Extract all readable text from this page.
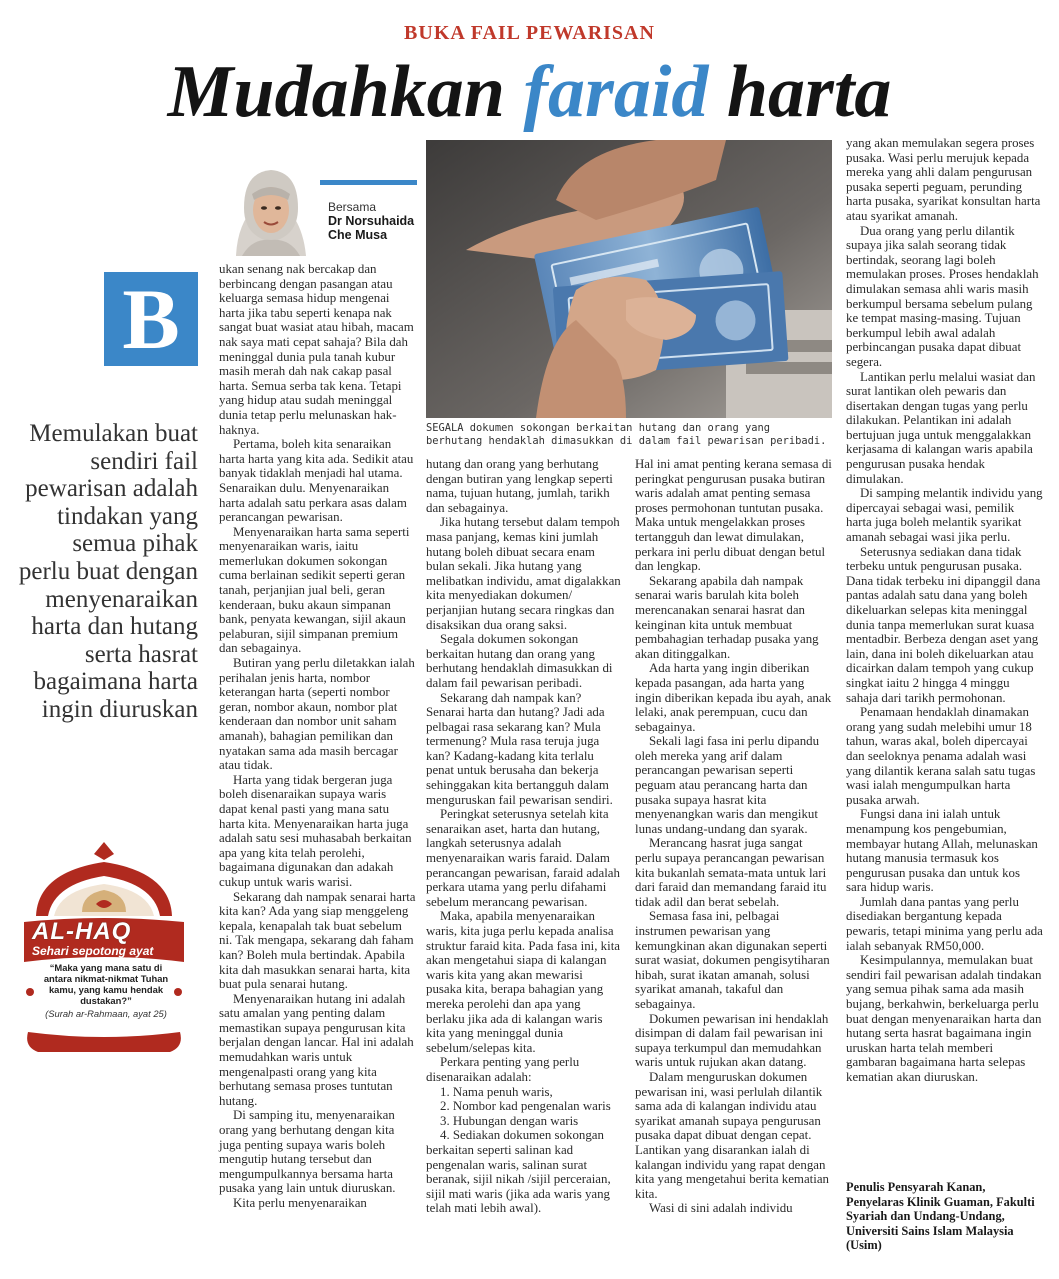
BUKA FAIL PEWARISAN
Mudahkan faraid harta
Bersama
Dr Norsuhaida
Che Musa
B
Memulakan buat sendiri fail pewarisan adalah tindakan yang semua pihak perlu buat dengan menyenaraikan harta dan hutang serta hasrat bagaimana harta ingin diuruskan
SEGALA dokumen sokongan berkaitan hutang dan orang yang berhutang hendaklah dimasukkan di dalam fail pewarisan peribadi.

ukan senang nak bercakap dan berbincang dengan pasangan atau keluarga semasa hidup mengenai harta jika tabu seperti kenapa nak sangat buat wasiat atau hibah, macam nak saya mati cepat sahaja? Bila dah meninggal dunia pula tanah kubur masih merah dah nak cakap pasal harta. Semua serba tak kena. Tetapi yang hidup atau sudah meninggal dunia tetap perlu melunaskan hak-haknya.

Pertama, boleh kita senaraikan harta harta yang kita ada. Sedikit atau banyak tidaklah menjadi hal utama. Senaraikan dulu. Menyenaraikan harta adalah satu perkara asas dalam perancangan pewarisan.

Menyenaraikan harta sama seperti menyenaraikan waris, iaitu memerlukan dokumen sokongan cuma berlainan sedikit seperti geran tanah, perjanjian jual beli, geran kenderaan, buku akaun simpanan bank, penyata kewangan, sijil akaun pelaburan, sijil simpanan premium dan sebagainya.

Butiran yang perlu diletakkan ialah perihalan jenis harta, nombor keterangan harta (seperti nombor geran, nombor akaun, nombor plat kenderaan dan nombor unit saham amanah), bahagian pemilikan dan nyatakan sama ada masih bercagar atau tidak.

Harta yang tidak bergeran juga boleh disenaraikan supaya waris dapat kenal pasti yang mana satu harta kita. Menyenaraikan harta juga adalah satu sesi muhasabah berkaitan apa yang kita telah perolehi, bagaimana digunakan dan adakah cukup untuk waris warisi.

Sekarang dah nampak senarai harta kita kan? Ada yang siap menggeleng kepala, kenapalah tak buat sebelum ni. Tak mengapa, sekarang dah faham kan? Boleh mula bertindak. Apabila kita dah masukkan senarai harta, kita buat pula senarai hutang.

Menyenaraikan hutang ini adalah satu amalan yang penting dalam memastikan supaya pengurusan kita berjalan dengan lancar. Hal ini adalah memudahkan waris untuk mengenalpasti orang yang kita berhutang semasa proses tuntutan hutang.

Di samping itu, menyenaraikan orang yang berhutang dengan kita juga penting supaya waris boleh mengutip hutang tersebut dan mengumpulkannya bersama harta pusaka yang lain untuk diuruskan.

Kita perlu menyenaraikan

hutang dan orang yang berhutang dengan butiran yang lengkap seperti nama, tujuan hutang, jumlah, tarikh dan sebagainya.

Jika hutang tersebut dalam tempoh masa panjang, kemas kini jumlah hutang boleh dibuat secara enam bulan sekali. Jika hutang yang melibatkan individu, amat digalakkan kita menyediakan dokumen/ perjanjian hutang secara ringkas dan disaksikan dua orang saksi.

Segala dokumen sokongan berkaitan hutang dan orang yang berhutang hendaklah dimasukkan di dalam fail pewarisan peribadi.

Sekarang dah nampak kan? Senarai harta dan hutang? Jadi ada pelbagai rasa sekarang kan? Mula termenung? Mula rasa teruja juga kan? Kadang-kadang kita terlalu penat untuk berusaha dan bekerja sehinggakan kita bertangguh dalam menguruskan fail pewarisan sendiri.

Peringkat seterusnya setelah kita senaraikan aset, harta dan hutang, langkah seterusnya adalah menyenaraikan waris faraid. Dalam perancangan pewarisan, faraid adalah perkara utama yang perlu difahami sebelum merancang pewarisan.

Maka, apabila menyenaraikan waris, kita juga perlu kepada analisa struktur faraid kita. Pada fasa ini, kita akan mengetahui siapa di kalangan waris kita yang akan mewarisi pusaka kita, berapa bahagian yang mereka perolehi dan apa yang berlaku jika ada di kalangan waris kita yang meninggal dunia sebelum/selepas kita.

Perkara penting yang perlu disenaraikan adalah:

1. Nama penuh waris,
2. Nombor kad pengenalan waris
3. Hubungan dengan waris
4. Sediakan dokumen sokongan berkaitan seperti salinan kad pengenalan waris, salinan surat beranak, sijil nikah /sijil perceraian, sijil mati waris (jika ada waris yang telah mati lebih awal).

Hal ini amat penting kerana semasa di peringkat pengurusan pusaka butiran waris adalah amat penting semasa proses permohonan tuntutan pusaka. Maka untuk mengelakkan proses tertangguh dan lewat dimulakan, perkara ini perlu dibuat dengan betul dan lengkap.

Sekarang apabila dah nampak senarai waris barulah kita boleh merencanakan senarai hasrat dan keinginan kita untuk membuat pembahagian terhadap pusaka yang akan ditinggalkan.

Ada harta yang ingin diberikan kepada pasangan, ada harta yang ingin diberikan kepada ibu ayah, anak lelaki, anak perempuan, cucu dan sebagainya.

Sekali lagi fasa ini perlu dipandu oleh mereka yang arif dalam perancangan pewarisan seperti peguam atau perancang harta dan pusaka supaya hasrat kita menyenangkan waris dan mengikut lunas undang-undang dan syarak.

Merancang hasrat juga sangat perlu supaya perancangan pewarisan kita bukanlah semata-mata untuk lari dari faraid dan memandang faraid itu tidak adil dan berat sebelah.

Semasa fasa ini, pelbagai instrumen pewarisan yang kemungkinan akan digunakan seperti surat wasiat, dokumen pengisytiharan hibah, surat ikatan amanah, solusi syarikat amanah, takaful dan sebagainya.

Dokumen pewarisan ini hendaklah disimpan di dalam fail pewarisan ini supaya terkumpul dan memudahkan waris untuk rujukan akan datang.

Dalam menguruskan dokumen pewarisan ini, wasi perlulah dilantik sama ada di kalangan individu atau syarikat amanah supaya pengurusan pusaka dapat dibuat dengan cepat. Lantikan yang disarankan ialah di kalangan individu yang rapat dengan kita yang mengetahui berita kematian kita.

Wasi di sini adalah individu

yang akan memulakan segera proses pusaka. Wasi perlu merujuk kepada mereka yang ahli dalam pengurusan pusaka seperti peguam, perunding harta pusaka, syarikat konsultan harta atau syarikat amanah.

Dua orang yang perlu dilantik supaya jika salah seorang tidak bertindak, seorang lagi boleh memulakan proses. Proses hendaklah dimulakan semasa ahli waris masih berkumpul bersama sebelum pulang ke tempat masing-masing. Tujuan berkumpul lebih awal adalah perbincangan pusaka dapat dibuat segera.

Lantikan perlu melalui wasiat dan surat lantikan oleh pewaris dan disertakan dengan tugas yang perlu dilakukan. Pelantikan ini adalah bertujuan juga untuk menggalakkan kerjasama di kalangan waris apabila pengurusan pusaka hendak dimulakan.

Di samping melantik individu yang dipercayai sebagai wasi, pemilik harta juga boleh melantik syarikat amanah sebagai wasi jika perlu.

Seterusnya sediakan dana tidak terbeku untuk pengurusan pusaka. Dana tidak terbeku ini dipanggil dana pantas adalah satu dana yang boleh dikeluarkan selepas kita meninggal dunia tanpa memerlukan surat kuasa mentadbir. Berbeza dengan aset yang lain, dana ini boleh dikeluarkan atau dicairkan dalam tempoh yang cukup singkat iaitu 2 hingga 4 minggu sahaja dari tarikh permohonan.

Penamaan hendaklah dinamakan orang yang sudah melebihi umur 18 tahun, waras akal, boleh dipercayai dan seeloknya penama adalah wasi yang dilantik kerana salah satu tugas wasi ialah mengumpulkan harta pusaka arwah.

Fungsi dana ini ialah untuk menampung kos pengebumian, membayar hutang Allah, melunaskan hutang manusia termasuk kos pengurusan pusaka dan untuk kos sara hidup waris.

Jumlah dana pantas yang perlu disediakan bergantung kepada pewaris, tetapi minima yang perlu ada ialah sebanyak RM50,000.

Kesimpulannya, memulakan buat sendiri fail pewarisan adalah tindakan yang semua pihak sama ada masih bujang, berkahwin, berkeluarga perlu buat dengan menyenaraikan harta dan hutang serta hasrat bagaimana ingin uruskan harta telah memberi gambaran bagaimana harta selepas kematian akan diuruskan.

Penulis Pensyarah Kanan, Penyelaras Klinik Guaman, Fakulti Syariah dan Undang-Undang, Universiti Sains Islam Malaysia (Usim)
AL-HAQ
Sehari sepotong ayat
“Maka yang mana satu di antara nikmat-nikmat Tuhan kamu, yang kamu hendak dustakan?”
(Surah ar-Rahmaan, ayat 25)
